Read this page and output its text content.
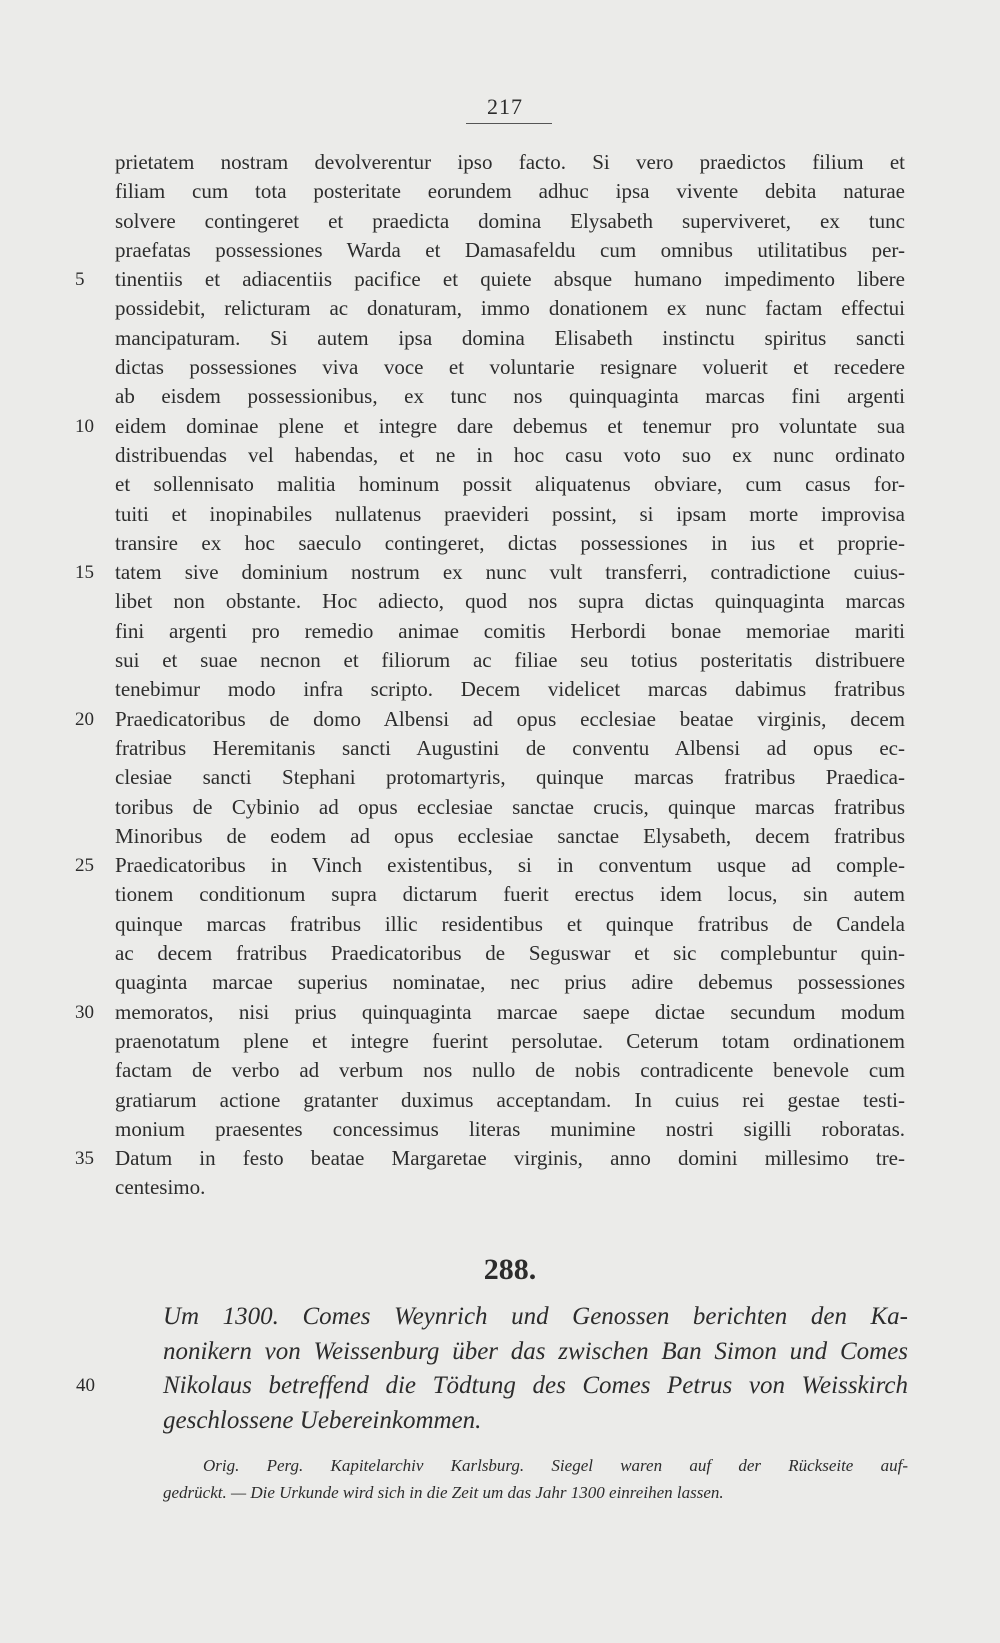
217
prietatem nostram devolverentur ipso facto. Si vero praedictos filium et
filiam cum tota posteritate eorundem adhuc ipsa vivente debita naturae
solvere contingeret et praedicta domina Elysabeth superviveret, ex tunc
praefatas possessiones Warda et Damasafeldu cum omnibus utilitatibus per-
5	tinentiis et adiacentiis pacifice et quiete absque humano impedimento libere
possidebit, relicturam ac donaturam, immo donationem ex nunc factam effectui
mancipaturam. Si autem ipsa domina Elisabeth instinctu spiritus sancti
dictas possessiones viva voce et voluntarie resignare voluerit et recedere
ab eisdem possessionibus, ex tunc nos quinquaginta marcas fini argenti
10	eidem dominae plene et integre dare debemus et tenemur pro voluntate sua
distribuendas vel habendas, et ne in hoc casu voto suo ex nunc ordinato
et sollennisato malitia hominum possit aliquatenus obviare, cum casus for-
tuiti et inopinabiles nullatenus praevideri possint, si ipsam morte improvisa
transire ex hoc saeculo contingeret, dictas possessiones in ius et proprie-
15	tatem sive dominium nostrum ex nunc vult transferri, contradictione cuius-
libet non obstante. Hoc adiecto, quod nos supra dictas quinquaginta marcas
fini argenti pro remedio animae comitis Herbordi bonae memoriae mariti
sui et suae necnon et filiorum ac filiae seu totius posteritatis distribuere
tenebimur modo infra scripto. Decem videlicet marcas dabimus fratribus
20	Praedicatoribus de domo Albensi ad opus ecclesiae beatae virginis, decem
fratribus Heremitanis sancti Augustini de conventu Albensi ad opus ec-
clesiae sancti Stephani protomartyris, quinque marcas fratribus Praedica-
toribus de Cybinio ad opus ecclesiae sanctae crucis, quinque marcas fratribus
Minoribus de eodem ad opus ecclesiae sanctae Elysabeth, decem fratribus
25	Praedicatoribus in Vinch existentibus, si in conventum usque ad comple-
tionem conditionum supra dictarum fuerit erectus idem locus, sin autem
quinque marcas fratribus illic residentibus et quinque fratribus de Candela
ac decem fratribus Praedicatoribus de Seguswar et sic complebuntur quin-
quaginta marcae superius nominatae, nec prius adire debemus possessiones
30	memoratos, nisi prius quinquaginta marcae saepe dictae secundum modum
praenotatum plene et integre fuerint persolutae. Ceterum totam ordinationem
factam de verbo ad verbum nos nullo de nobis contradicente benevole cum
gratiarum actione gratanter duximus acceptandam. In cuius rei gestae testi-
monium praesentes concessimus literas munimine nostri sigilli roboratas.
35	Datum in festo beatae Margaretae virginis, anno domini millesimo tre-
centesimo.
288.
Um 1300. Comes Weynrich und Genossen berichten den Ka-
nonikern von Weissenburg über das zwischen Ban Simon und Comes
40	Nikolaus betreffend die Tödtung des Comes Petrus von Weisskirch
geschlossene Uebereinkommen.
Orig. Perg. Kapitelarchiv Karlsburg. Siegel waren auf der Rückseite auf-
gedrückt. — Die Urkunde wird sich in die Zeit um das Jahr 1300 einreihen lassen.
